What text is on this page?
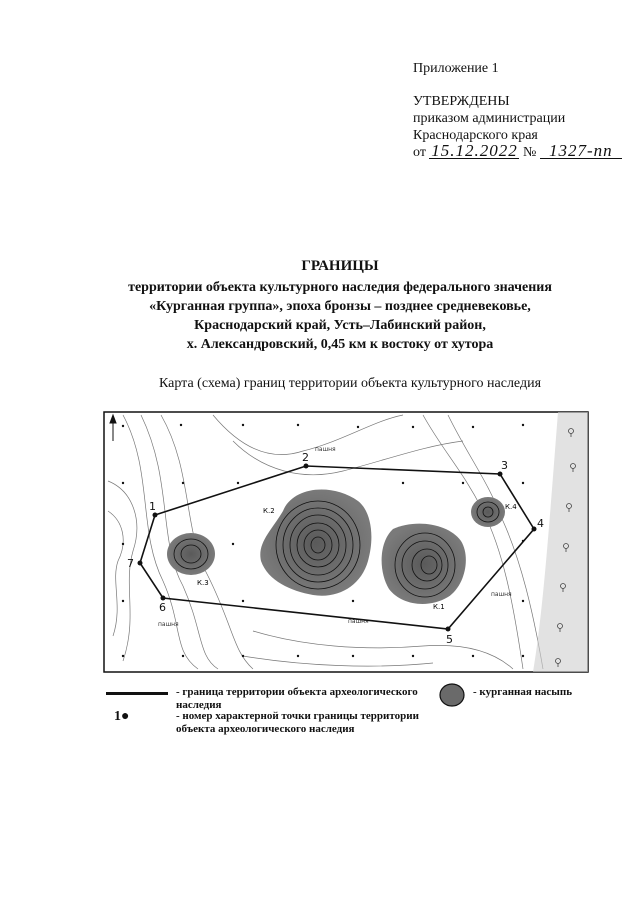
Приложение 1
УТВЕРЖДЕНЫ
приказом администрации
Краснодарского края
от 15.12.2022 № 1327-пп
ГРАНИЦЫ
территории объекта культурного наследия федерального значения
«Курганная группа», эпоха бронзы – позднее средневековье,
Краснодарский край, Усть–Лабинский район,
х. Александровский, 0,45 км к востоку от хутора
Карта (схема) границ территории объекта культурного наследия
пашня
пашня	пашня
пашня
К.2
К.1
К.3
К.4
1
2
3
4
5
6
7
- граница территории объекта археологического наследия
1●	- номер характерной точки границы территории объекта археологического наследия
- курганная насыпь
